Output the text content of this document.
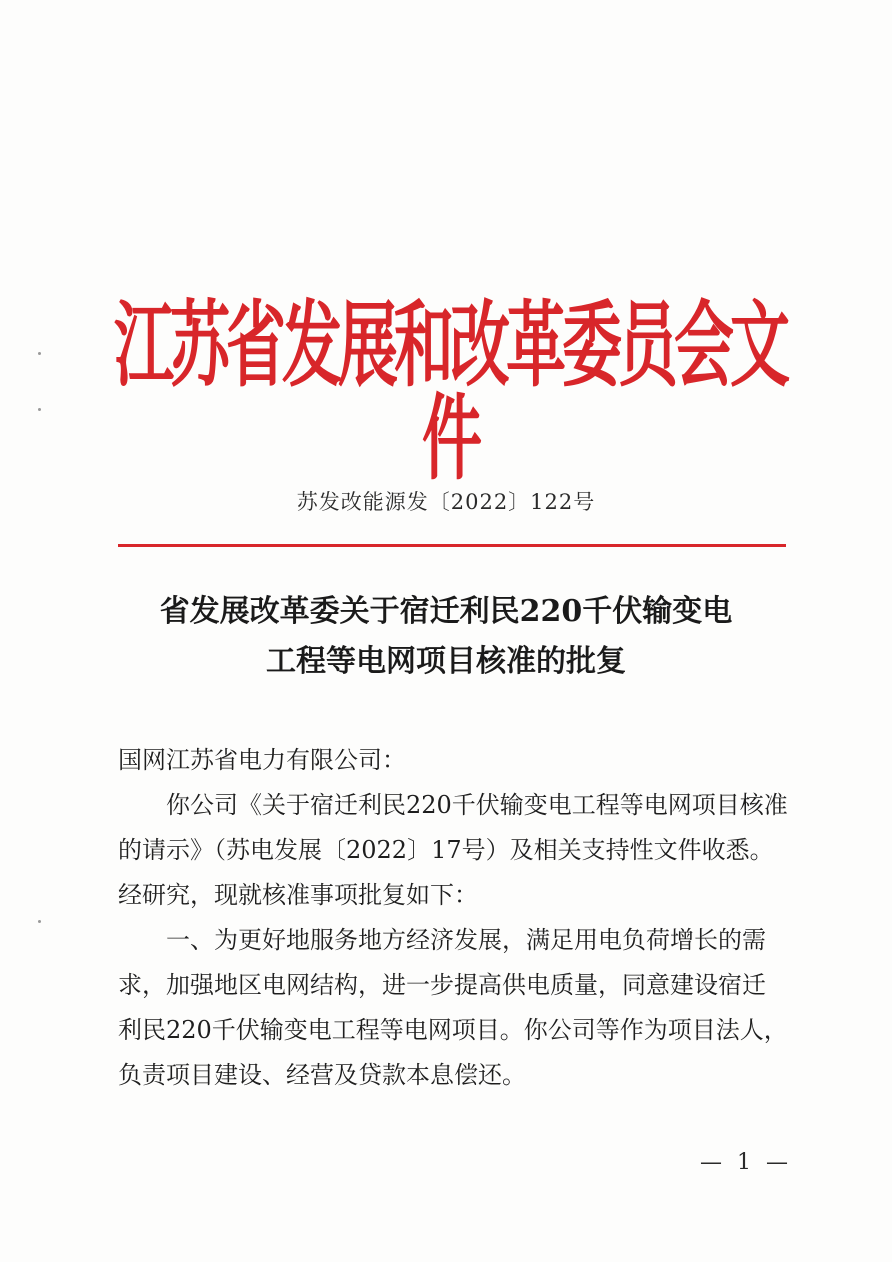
江苏省发展和改革委员会文件
苏发改能源发〔2022〕122号
省发展改革委关于宿迁利民220千伏输变电
工程等电网项目核准的批复

国网江苏省电力有限公司：

你公司《关于宿迁利民220千伏输变电工程等电网项目核准的请示》（苏电发展〔2022〕17号）及相关支持性文件收悉。经研究，现就核准事项批复如下：

一、为更好地服务地方经济发展，满足用电负荷增长的需求，加强地区电网结构，进一步提高供电质量，同意建设宿迁利民220千伏输变电工程等电网项目。你公司等作为项目法人，负责项目建设、经营及贷款本息偿还。

— 1 —
